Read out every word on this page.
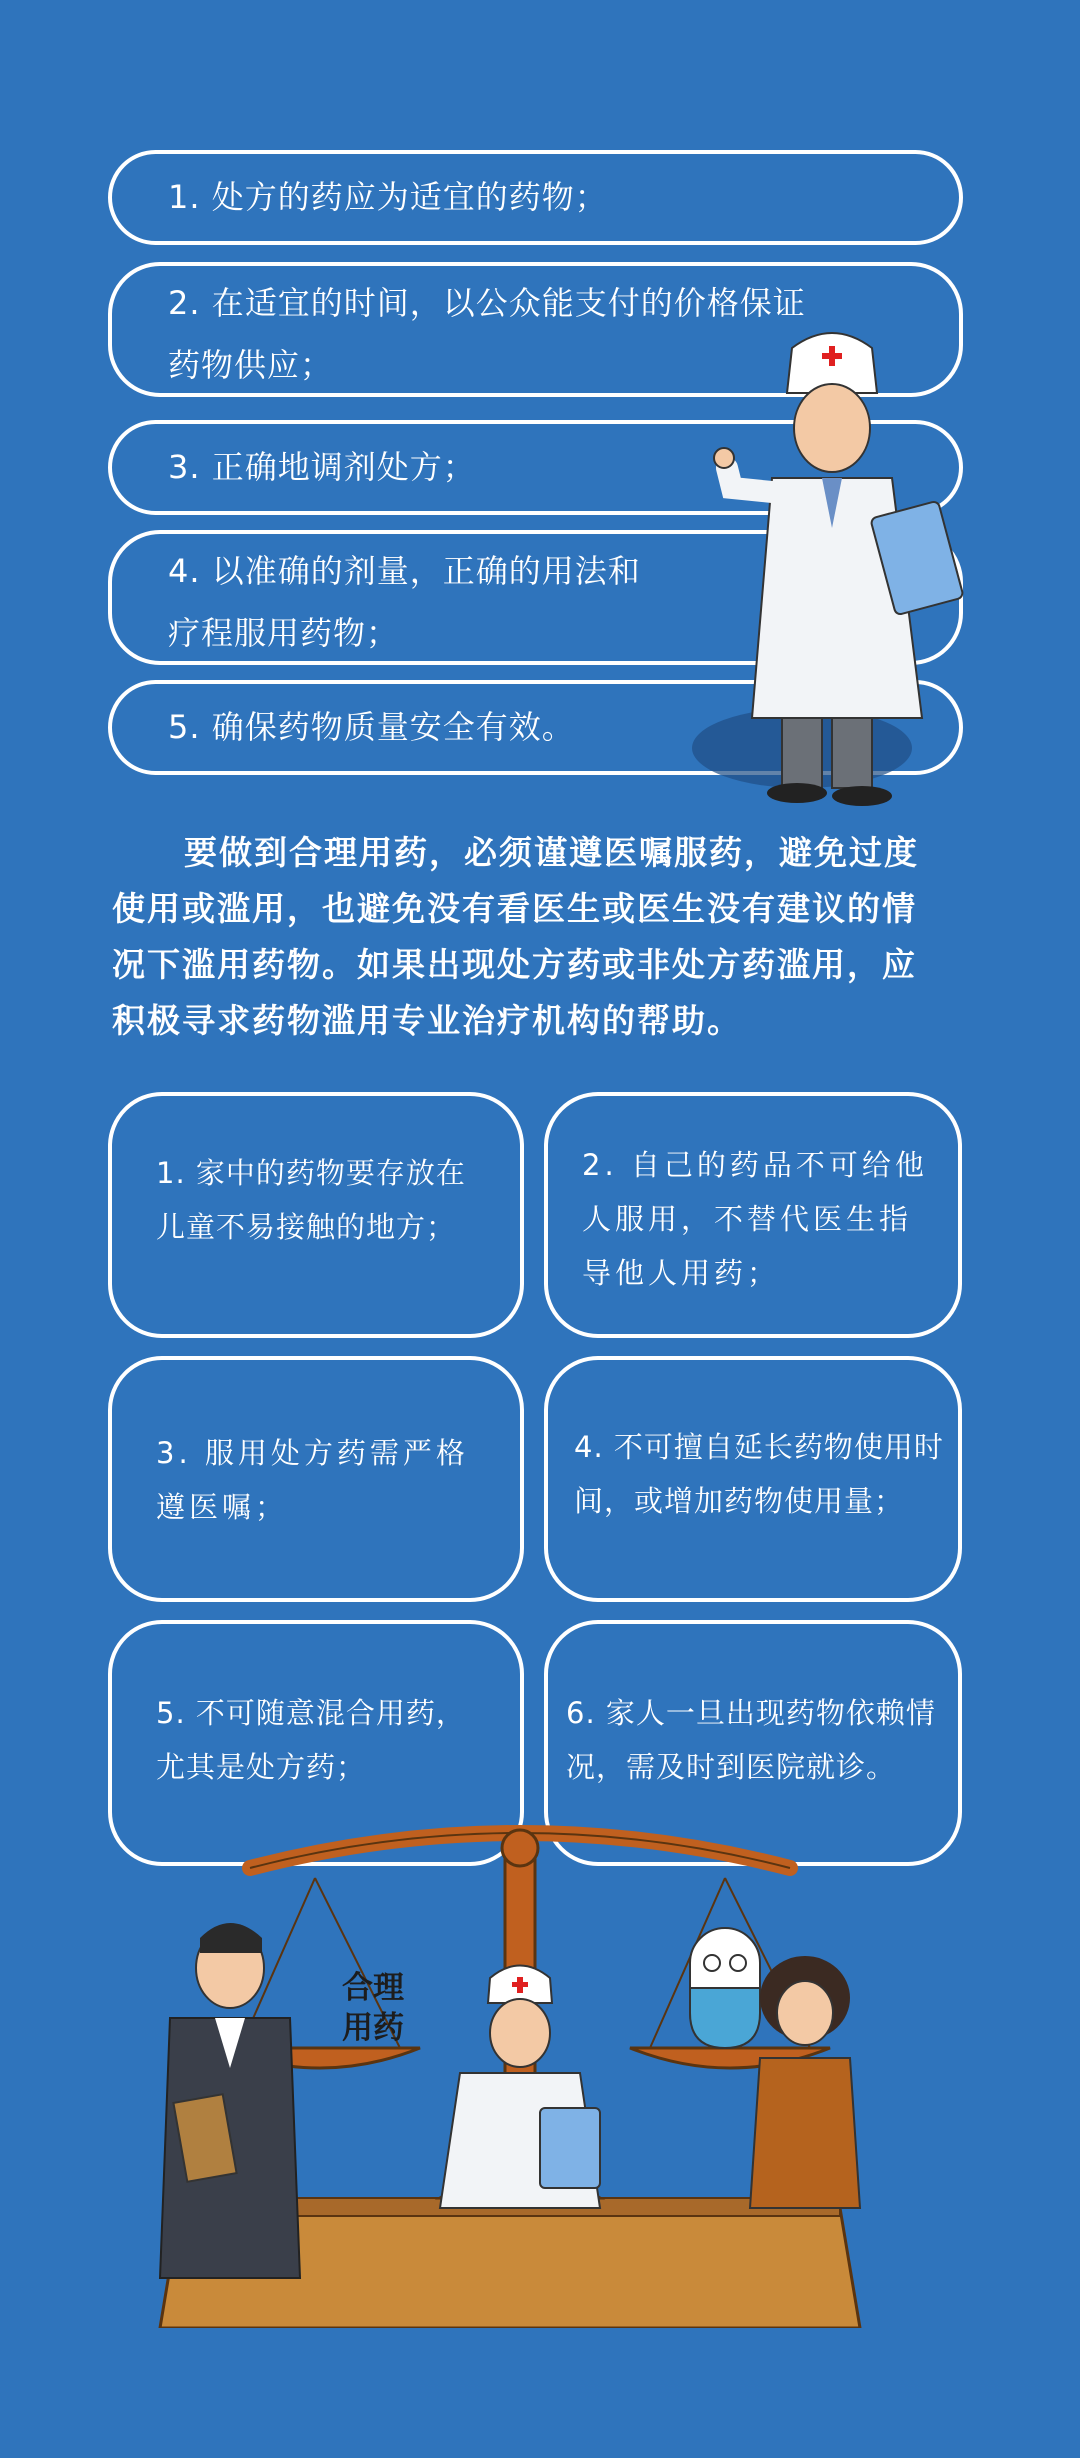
1. 处方的药应为适宜的药物；
2. 在适宜的时间，以公众能支付的价格保证
药物供应；
3. 正确地调剂处方；
4. 以准确的剂量，正确的用法和
疗程服用药物；
5. 确保药物质量安全有效。
要做到合理用药，必须谨遵医嘱服药，避免过度
使用或滥用，也避免没有看医生或医生没有建议的情
况下滥用药物。如果出现处方药或非处方药滥用，应
积极寻求药物滥用专业治疗机构的帮助。
1. 家中的药物要存放在
儿童不易接触的地方；
2. 自己的药品不可给他
人服用，不替代医生指
导他人用药；
3. 服用处方药需严格
遵医嘱；
4. 不可擅自延长药物使用时
间，或增加药物使用量；
5. 不可随意混合用药，
尤其是处方药；
6. 家人一旦出现药物依赖情
况，需及时到医院就诊。
合理
用药
